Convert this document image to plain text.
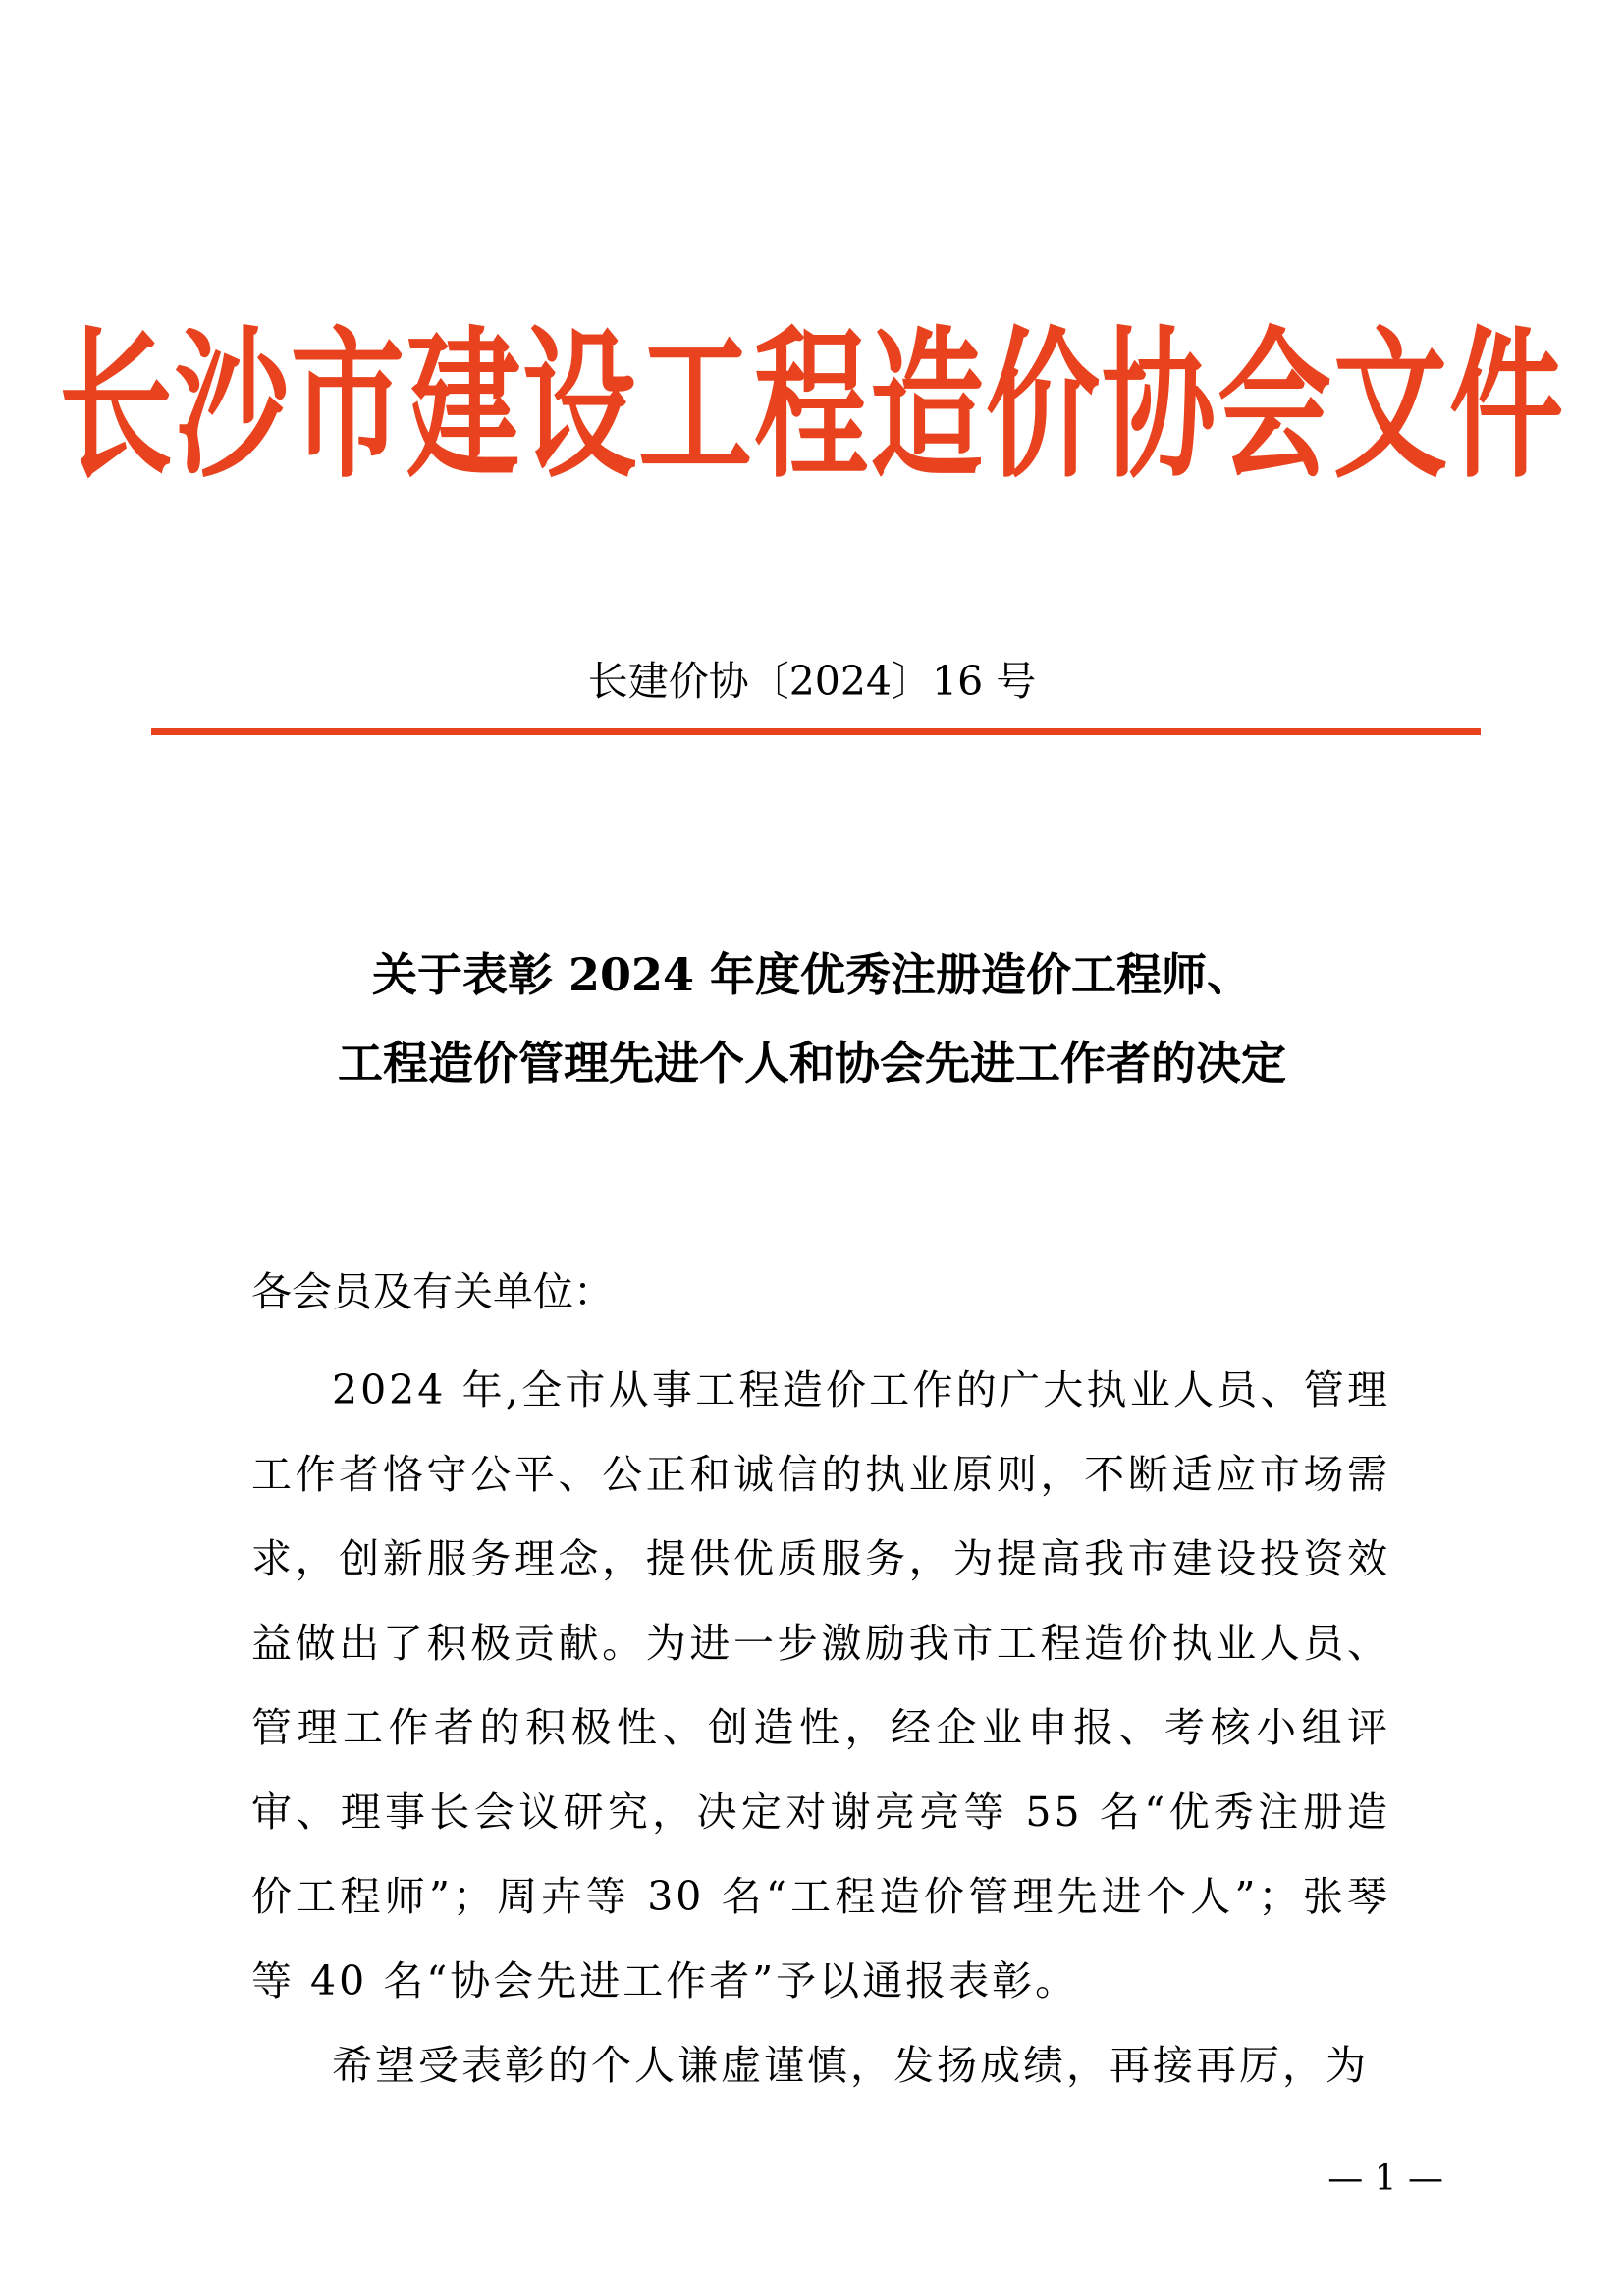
长沙市建设工程造价协会文件
长建价协〔2024〕16 号
关于表彰 2024 年度优秀注册造价工程师、
工程造价管理先进个人和协会先进工作者的决定
各会员及有关单位：

2024 年,全市从事工程造价工作的广大执业人员、管理工作者恪守公平、公正和诚信的执业原则，不断适应市场需求，创新服务理念，提供优质服务，为提高我市建设投资效益做出了积极贡献。为进一步激励我市工程造价执业人员、管理工作者的积极性、创造性，经企业申报、考核小组评审、理事长会议研究，决定对谢亮亮等 55 名“优秀注册造价工程师”；周卉等 30 名“工程造价管理先进个人”；张琴等 40 名“协会先进工作者”予以通报表彰。

希望受表彰的个人谦虚谨慎，发扬成绩，再接再厉，为

— 1 —
